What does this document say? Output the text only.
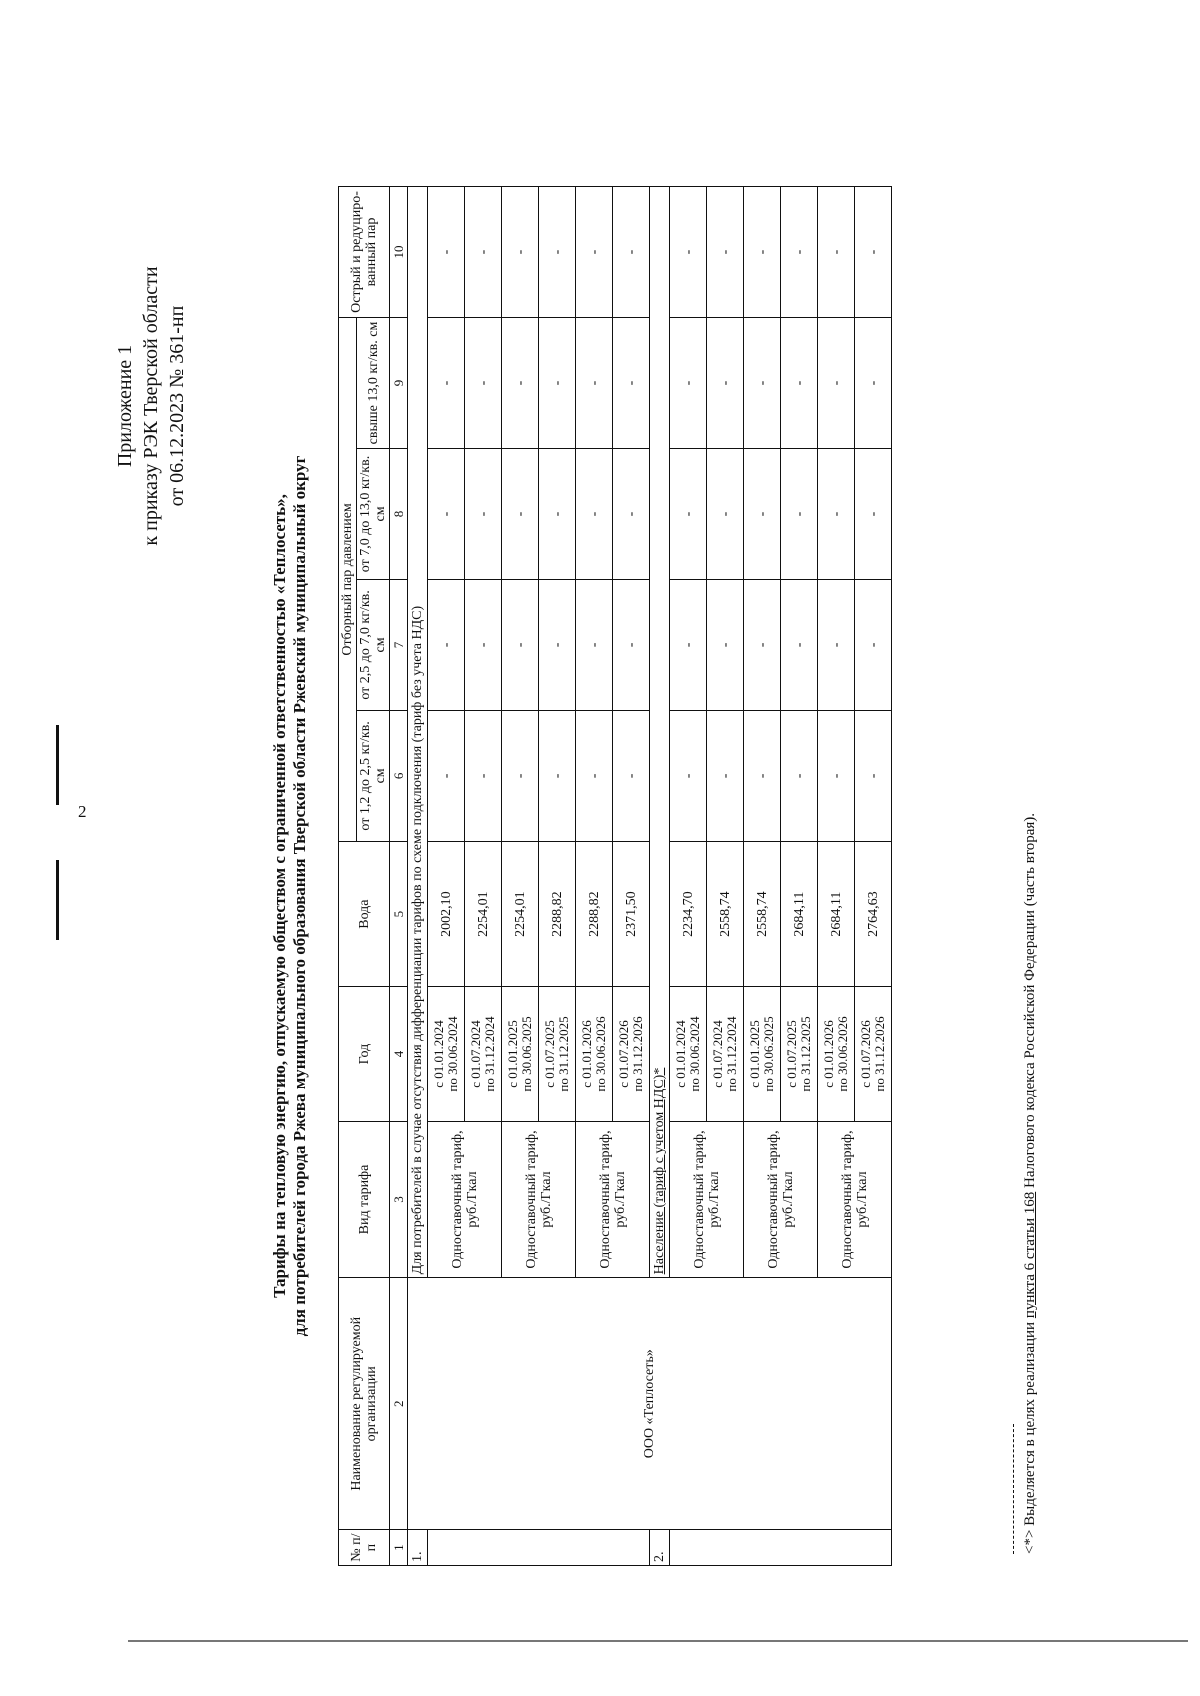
2
Приложение 1 к приказу РЭК Тверской области от 06.12.2023 № 361-нп
Тарифы на тепловую энергию, отпускаемую обществом с ограниченной ответственностью «Теплосеть», для потребителей города Ржева муниципального образования Тверской области Ржевский муниципальный округ
№ п/ п	Наименование регулируемой организации	Вид тарифа	Год	Вода	Отборный пар давлением				Острый и редуциро-ванный пар
					от 1,2 до 2,5 кг/кв. см	от 2,5 до 7,0 кг/кв. см	от 7,0 до 13,0 кг/кв. см	свыше 13,0 кг/кв. см	
1	2	3	4	5	6	7	8	9	10
1.	ООО «Теплосеть»	Для потребителей в случае отсутствия дифференциации тарифов по схеме подключения (тариф без учета НДС)							
		Одноставочный тариф, руб./Гкал	с 01.01.2024 по 30.06.2024	2002,10	-	-	-	-	-

			с 01.07.2024 по 31.12.2024	2254,01	-	-	-	-	-
		Одноставочный тариф, руб./Гкал	с 01.01.2025 по 30.06.2025	2254,01	-	-	-	-	-

			с 01.07.2025 по 31.12.2025	2288,82	-	-	-	-	-
		Одноставочный тариф, руб./Гкал	с 01.01.2026 по 30.06.2026	2288,82	-	-	-	-	-

			с 01.07.2026 по 31.12.2026	2371,50	-	-	-	-	-
2.		Население (тариф с учетом НДС)*							
		Одноставочный тариф, руб./Гкал	с 01.01.2024 по 30.06.2024	2234,70	-	-	-	-	-

			с 01.07.2024 по 31.12.2024	2558,74	-	-	-	-	-
		Одноставочный тариф, руб./Гкал	с 01.01.2025 по 30.06.2025	2558,74	-	-	-	-	-

			с 01.07.2025 по 31.12.2025	2684,11	-	-	-	-	-
		Одноставочный тариф, руб./Гкал	с 01.01.2026 по 30.06.2026	2684,11	-	-	-	-	-

			с 01.07.2026 по 31.12.2026	2764,63	-	-	-	-	-
<*> Выделяется в целях реализации пункта 6 статьи 168 Налогового кодекса Российской Федерации (часть вторая).
